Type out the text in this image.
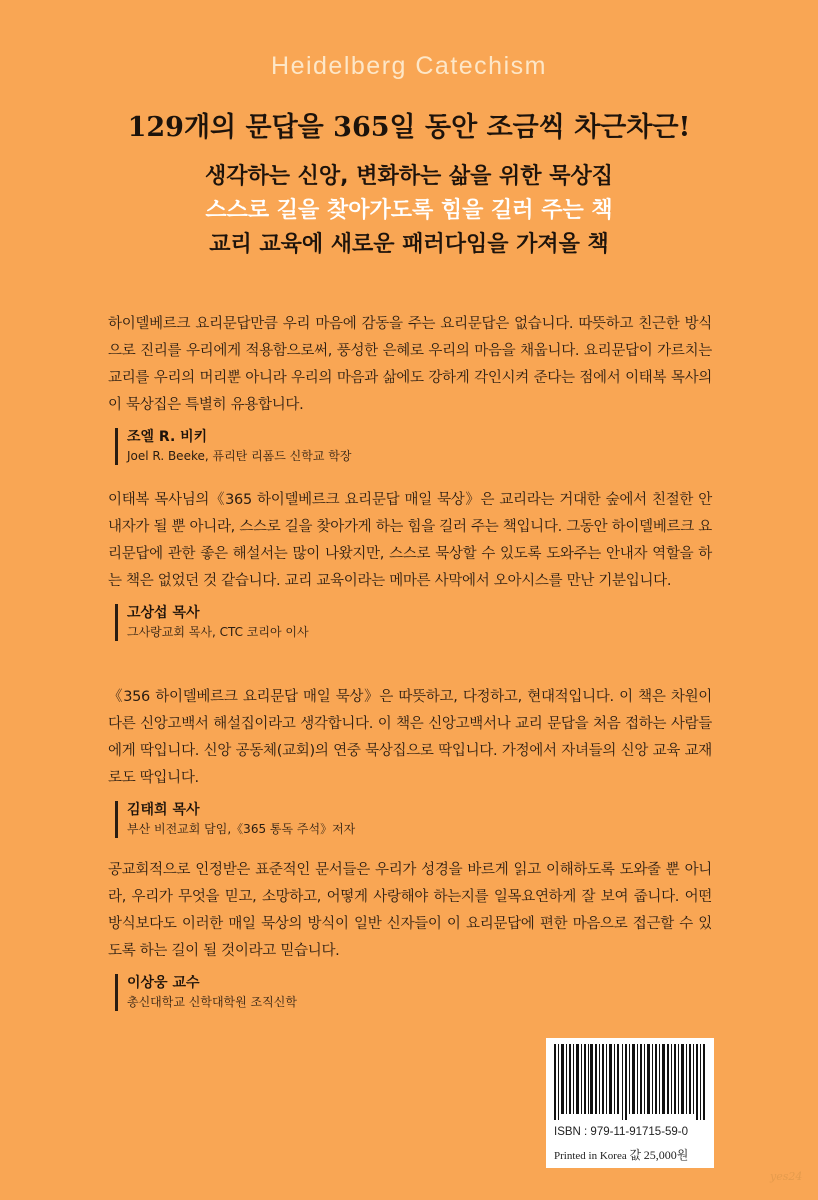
Heidelberg Catechism
129개의 문답을 365일 동안 조금씩 차근차근!
생각하는 신앙, 변화하는 삶을 위한 묵상집
스스로 길을 찾아가도록 힘을 길러 주는 책
교리 교육에 새로운 패러다임을 가져올 책

하이델베르크 요리문답만큼 우리 마음에 감동을 주는 요리문답은 없습니다. 따뜻하고 친근한 방식으로 진리를 우리에게 적용함으로써, 풍성한 은혜로 우리의 마음을 채웁니다. 요리문답이 가르치는 교리를 우리의 머리뿐 아니라 우리의 마음과 삶에도 강하게 각인시켜 준다는 점에서 이태복 목사의 이 묵상집은 특별히 유용합니다.

조엘 R. 비키
Joel R. Beeke, 퓨리탄 리폼드 신학교 학장

이태복 목사님의《365 하이델베르크 요리문답 매일 묵상》은 교리라는 거대한 숲에서 친절한 안내자가 될 뿐 아니라, 스스로 길을 찾아가게 하는 힘을 길러 주는 책입니다. 그동안 하이델베르크 요리문답에 관한 좋은 해설서는 많이 나왔지만, 스스로 묵상할 수 있도록 도와주는 안내자 역할을 하는 책은 없었던 것 같습니다. 교리 교육이라는 메마른 사막에서 오아시스를 만난 기분입니다.

고상섭 목사
그사랑교회 목사, CTC 코리아 이사

《356 하이델베르크 요리문답 매일 묵상》은 따뜻하고, 다정하고, 현대적입니다. 이 책은 차원이 다른 신앙고백서 해설집이라고 생각합니다. 이 책은 신앙고백서나 교리 문답을 처음 접하는 사람들에게 딱입니다. 신앙 공동체(교회)의 연중 묵상집으로 딱입니다. 가정에서 자녀들의 신앙 교육 교재로도 딱입니다.

김태희 목사
부산 비전교회 담임,《365 통독 주석》저자

공교회적으로 인정받은 표준적인 문서들은 우리가 성경을 바르게 읽고 이해하도록 도와줄 뿐 아니라, 우리가 무엇을 믿고, 소망하고, 어떻게 사랑해야 하는지를 일목요연하게 잘 보여 줍니다. 어떤 방식보다도 이러한 매일 묵상의 방식이 일반 신자들이 이 요리문답에 편한 마음으로 접근할 수 있도록 하는 길이 될 것이라고 믿습니다.

이상웅 교수
총신대학교 신학대학원 조직신학
ISBN : 979-11-91715-59-0
Printed in Korea 값 25,000원
yes24
